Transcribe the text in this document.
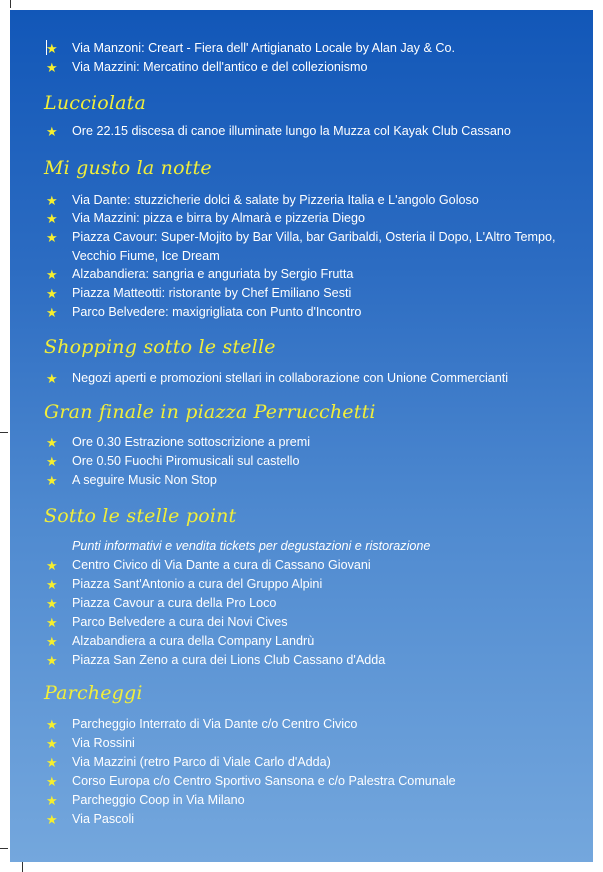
★	Via Manzoni: Creart - Fiera dell' Artigianato Locale by Alan Jay & Co.
★	Via Mazzini: Mercatino dell'antico e del collezionismo
Lucciolata
★	Ore 22.15 discesa di canoe illuminate lungo la Muzza col Kayak Club Cassano
Mi gusto la notte
★	Via Dante: stuzzicherie dolci & salate by Pizzeria Italia e L'angolo Goloso
★	Via Mazzini: pizza e birra by Almarà e pizzeria Diego
★	Piazza Cavour: Super-Mojito by Bar Villa, bar Garibaldi, Osteria il Dopo, L'Altro Tempo, Vecchio Fiume, Ice Dream
★	Alzabandiera: sangria e anguriata by Sergio Frutta
★	Piazza Matteotti: ristorante by Chef Emiliano Sesti
★	Parco Belvedere: maxigrigliata con Punto d'Incontro
Shopping sotto le stelle
★	Negozi aperti e promozioni stellari in collaborazione con Unione Commercianti
Gran finale in piazza Perrucchetti
★	Ore 0.30 Estrazione sottoscrizione a premi
★	Ore 0.50 Fuochi Piromusicali sul castello
★	A seguire Music Non Stop
Sotto le stelle point
Punti informativi e vendita tickets per degustazioni e ristorazione
★	Centro Civico di Via Dante a cura di Cassano Giovani
★	Piazza Sant'Antonio a cura del Gruppo Alpini
★	Piazza Cavour a cura della Pro Loco
★	Parco Belvedere a cura dei Novi Cives
★	Alzabandiera a cura della Company Landrù
★	Piazza San Zeno a cura dei Lions Club Cassano d'Adda
Parcheggi
★	Parcheggio Interrato di Via Dante c/o Centro Civico
★	Via Rossini
★	Via Mazzini (retro Parco di Viale Carlo d'Adda)
★	Corso Europa c/o Centro Sportivo Sansona e c/o Palestra Comunale
★	Parcheggio Coop in Via Milano
★	Via Pascoli
